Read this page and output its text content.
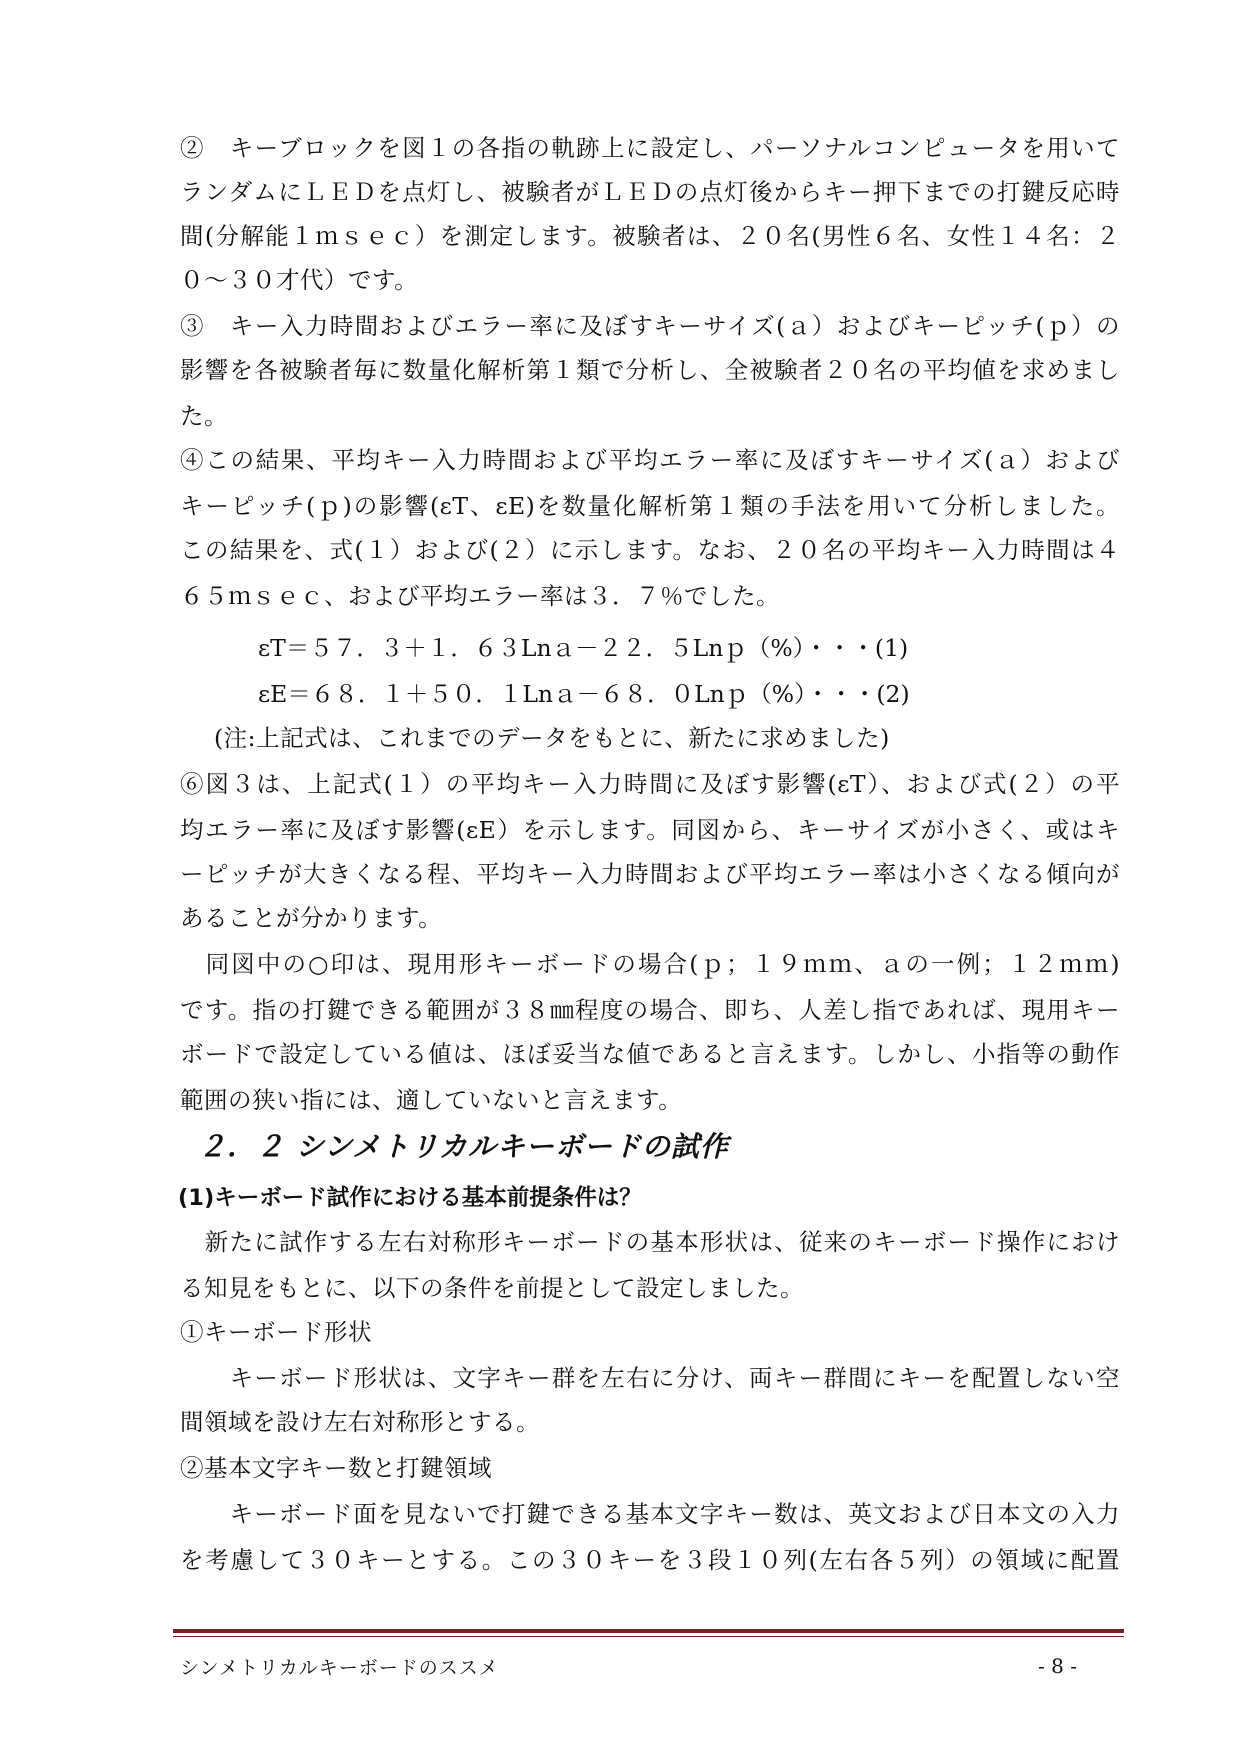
②　キーブロックを図１の各指の軌跡上に設定し、パーソナルコンピュータを用いて
ランダムにＬＥＤを点灯し、被験者がＬＥＤの点灯後からキー押下までの打鍵反応時
間(分解能１ｍｓｅｃ）を測定します。被験者は、２０名(男性６名、女性１４名：２
０～３０才代）です。
③　キー入力時間およびエラー率に及ぼすキーサイズ(ａ）およびキーピッチ(ｐ）の
影響を各被験者毎に数量化解析第１類で分析し、全被験者２０名の平均値を求めまし
た。
④この結果、平均キー入力時間および平均エラー率に及ぼすキーサイズ(ａ）および
キーピッチ(ｐ)の影響(εT、εE)を数量化解析第１類の手法を用いて分析しました。
この結果を、式(１）および(２）に示します。なお、２０名の平均キー入力時間は４
６５ｍｓｅｃ、および平均エラー率は３．７％でした。
εT＝５７．３＋１．６３Lnａ－２２．５Lnｐ（%）・・・(1)
εE＝６８．１＋５０．１Lnａ－６８．０Lnｐ（%）・・・(2)
(注:上記式は、これまでのデータをもとに、新たに求めました)
⑥図３は、上記式(１）の平均キー入力時間に及ぼす影響(εT）、および式(２）の平
均エラー率に及ぼす影響(εE）を示します。同図から、キーサイズが小さく、或はキ
ーピッチが大きくなる程、平均キー入力時間および平均エラー率は小さくなる傾向が
あることが分かります。
　同図中の○印は、現用形キーボードの場合(ｐ；１９ｍｍ、ａの一例；１２ｍｍ)
です。指の打鍵できる範囲が３８㎜程度の場合、即ち、人差し指であれば、現用キー
ボードで設定している値は、ほぼ妥当な値であると言えます。しかし、小指等の動作
範囲の狭い指には、適していないと言えます。
２．２ シンメトリカルキーボードの試作
(1)キーボード試作における基本前提条件は？
　新たに試作する左右対称形キーボードの基本形状は、従来のキーボード操作におけ
る知見をもとに、以下の条件を前提として設定しました。
①キーボード形状
　　キーボード形状は、文字キー群を左右に分け、両キー群間にキーを配置しない空
間領域を設け左右対称形とする。
②基本文字キー数と打鍵領域
　　キーボード面を見ないで打鍵できる基本文字キー数は、英文および日本文の入力
を考慮して３０キーとする。この３０キーを３段１０列(左右各５列）の領域に配置
シンメトリカルキーボードのススメ	- 8 -
